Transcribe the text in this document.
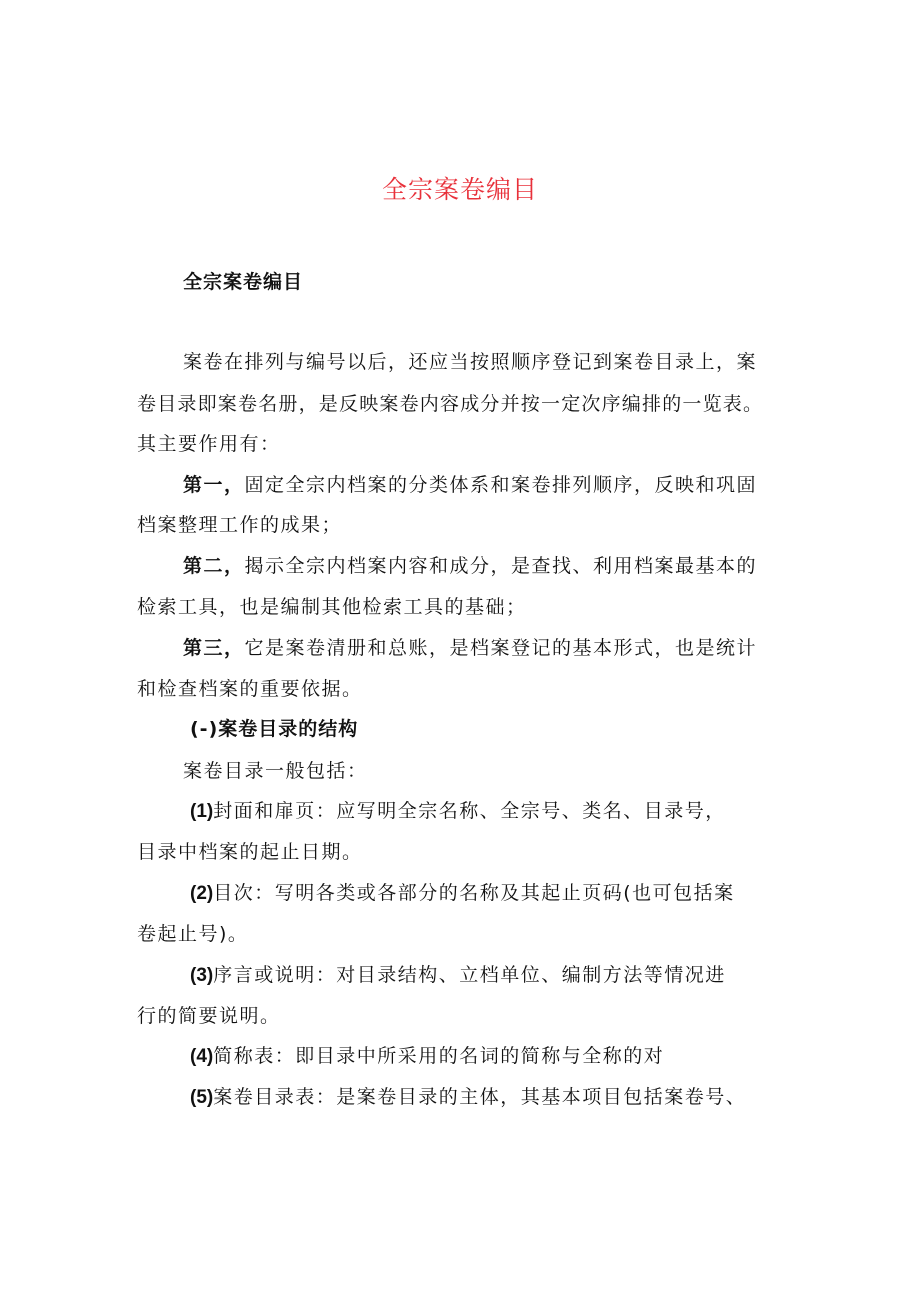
全宗案卷编目
全宗案卷编目
案卷在排列与编号以后，还应当按照顺序登记到案卷目录上，案
卷目录即案卷名册，是反映案卷内容成分并按一定次序编排的一览表。
其主要作用有：
第一，固定全宗内档案的分类体系和案卷排列顺序，反映和巩固
档案整理工作的成果；
第二，揭示全宗内档案内容和成分，是查找、利用档案最基本的
检索工具，也是编制其他检索工具的基础；
第三，它是案卷清册和总账，是档案登记的基本形式，也是统计
和检查档案的重要依据。
(-)案卷目录的结构
案卷目录一般包括：
(1)封面和扉页：应写明全宗名称、全宗号、类名、目录号，
目录中档案的起止日期。
(2)目次：写明各类或各部分的名称及其起止页码(也可包括案
卷起止号)。
(3)序言或说明：对目录结构、立档单位、编制方法等情况进
行的简要说明。
(4)简称表：即目录中所采用的名词的简称与全称的对
(5)案卷目录表：是案卷目录的主体，其基本项目包括案卷号、
